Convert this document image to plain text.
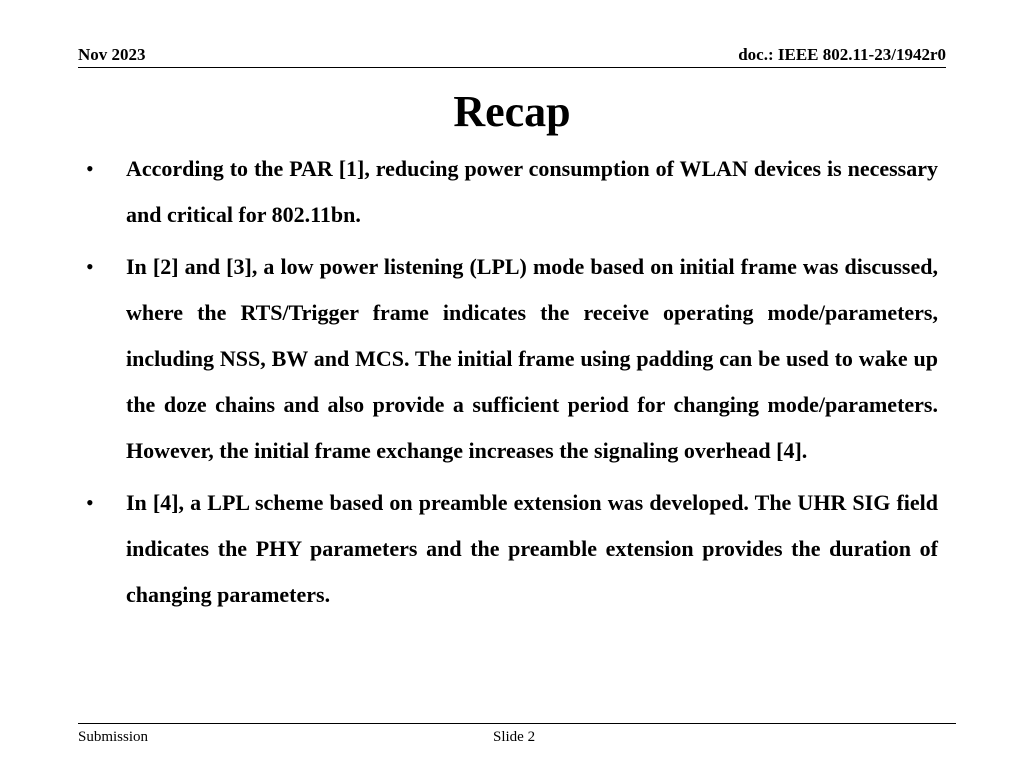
Nov 2023	doc.: IEEE 802.11-23/1942r0
Recap
• According to the PAR [1], reducing power consumption of WLAN devices is necessary and critical for 802.11bn.
• In [2] and [3], a low power listening (LPL) mode based on initial frame was discussed, where the RTS/Trigger frame indicates the receive operating mode/parameters, including NSS, BW and MCS. The initial frame using padding can be used to wake up the doze chains and also provide a sufficient period for changing mode/parameters. However, the initial frame exchange increases the signaling overhead [4].
• In [4], a LPL scheme based on preamble extension was developed. The UHR SIG field indicates the PHY parameters and the preamble extension provides the duration of changing parameters.
Submission	Slide 2
